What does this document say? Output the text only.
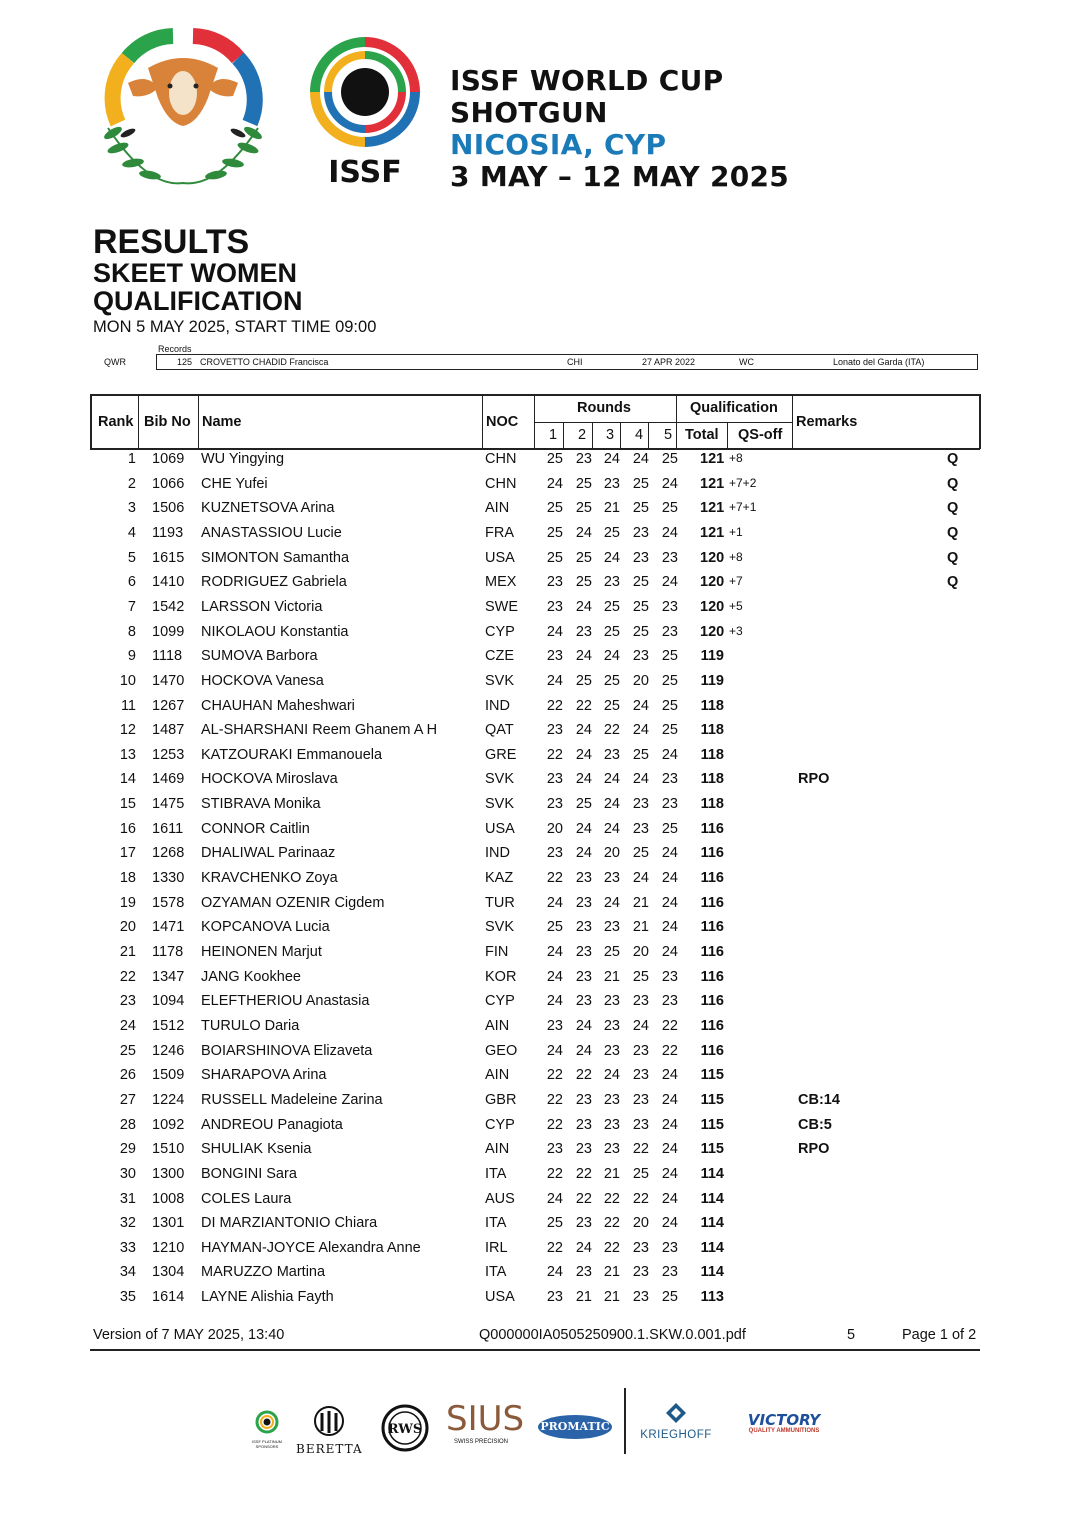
ISSF
ISSF WORLD CUP
SHOTGUN
NICOSIA, CYP
3 MAY – 12 MAY 2025
RESULTS
SKEET WOMEN
QUALIFICATION
MON 5 MAY 2025, START TIME 09:00
Records
QWR	125 CROVETTO CHADID Francisca	CHI	27 APR 2022	WC	Lonato del Garda (ITA)
Rank Bib No Name	NOC
Rounds
1 2 3 4 5
Qualification
Total QS-off
Remarks
1 1069 WU Yingying	CHN	25 23 24 24 25 121 +8	Q
2 1066 CHE Yufei	CHN	24 25 23 25 24 121 +7+2	Q
3 1506 KUZNETSOVA Arina	AIN	25 25 21 25 25 121 +7+1	Q
4 1193 ANASTASSIOU Lucie	FRA	25 24 25 23 24 121 +1	Q
5 1615 SIMONTON Samantha	USA	25 25 24 23 23 120 +8	Q
6 1410 RODRIGUEZ Gabriela	MEX	23 25 23 25 24 120 +7	Q
7 1542 LARSSON Victoria	SWE	23 24 25 25 23 120 +5
8 1099 NIKOLAOU Konstantia	CYP	24 23 25 25 23 120 +3
9 1118 SUMOVA Barbora	CZE	23 24 24 23 25 119
10 1470 HOCKOVA Vanesa	SVK	24 25 25 20 25 119
11 1267 CHAUHAN Maheshwari	IND	22 22 25 24 25 118
12 1487 AL-SHARSHANI Reem Ghanem A H	QAT	23 24 22 24 25 118
13 1253 KATZOURAKI Emmanouela	GRE	22 24 23 25 24 118
14 1469 HOCKOVA Miroslava	SVK	23 24 24 24 23 118	RPO
15 1475 STIBRAVA Monika	SVK	23 25 24 23 23 118
16 1611 CONNOR Caitlin	USA	20 24 24 23 25 116
17 1268 DHALIWAL Parinaaz	IND	23 24 20 25 24 116
18 1330 KRAVCHENKO Zoya	KAZ	22 23 23 24 24 116
19 1578 OZYAMAN OZENIR Cigdem	TUR	24 23 24 21 24 116
20 1471 KOPCANOVA Lucia	SVK	25 23 23 21 24 116
21 1178 HEINONEN Marjut	FIN	24 23 25 20 24 116
22 1347 JANG Kookhee	KOR	24 23 21 25 23 116
23 1094 ELEFTHERIOU Anastasia	CYP	24 23 23 23 23 116
24 1512 TURULO Daria	AIN	23 24 23 24 22 116
25 1246 BOIARSHINOVA Elizaveta	GEO	24 24 23 23 22 116
26 1509 SHARAPOVA Arina	AIN	22 22 24 23 24 115
27 1224 RUSSELL Madeleine Zarina	GBR	22 23 23 23 24 115	CB:14
28 1092 ANDREOU Panagiota	CYP	22 23 23 23 24 115	CB:5
29 1510 SHULIAK Ksenia	AIN	23 23 23 22 24 115	RPO
30 1300 BONGINI Sara	ITA	22 22 21 25 24 114
31 1008 COLES Laura	AUS	24 22 22 22 24 114
32 1301 DI MARZIANTONIO Chiara	ITA	25 23 22 20 24 114
33 1210 HAYMAN-JOYCE Alexandra Anne	IRL	22 24 22 23 23 114
34 1304 MARUZZO Martina	ITA	24 23 21 23 23 114
35 1614 LAYNE Alishia Fayth	USA	23 21 21 23 25 113
Version of 7 MAY 2025, 13:40	Q000000IA0505250900.1.SKW.0.001.pdf	5	Page 1 of 2
ISSF PLATINUM SPONSORS	BERETTA
RWS SIUS
SWISS PRECISION
PROMATIC
KRIEGHOFF
VICTORY
QUALITY AMMUNITIONS
